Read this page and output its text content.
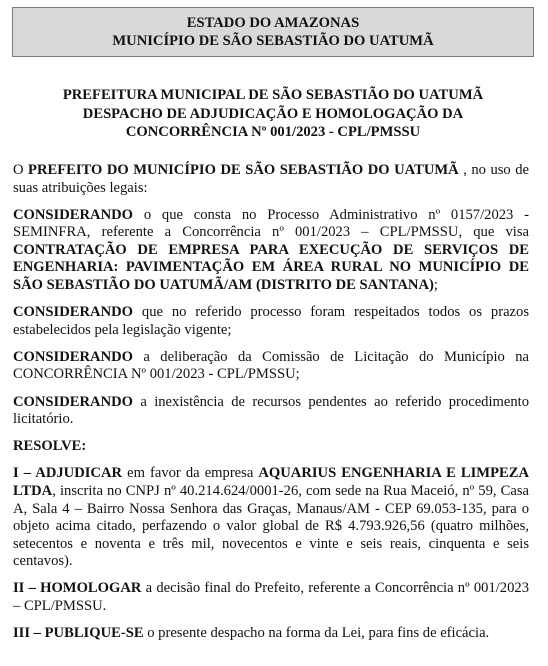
ESTADO DO AMAZONAS
MUNICÍPIO DE SÃO SEBASTIÃO DO UATUMÃ
PREFEITURA MUNICIPAL DE SÃO SEBASTIÃO DO UATUMÃ
DESPACHO DE ADJUDICAÇÃO E HOMOLOGAÇÃO DA
CONCORRÊNCIA Nº 001/2023 - CPL/PMSSU

O PREFEITO DO MUNICÍPIO DE SÃO SEBASTIÃO DO UATUMÃ , no uso de suas atribuições legais:

CONSIDERANDO o que consta no Processo Administrativo nº 0157/2023 - SEMINFRA, referente a Concorrência nº 001/2023 – CPL/PMSSU, que visa CONTRATAÇÃO DE EMPRESA PARA EXECUÇÃO DE SERVIÇOS DE ENGENHARIA: PAVIMENTAÇÃO EM ÁREA RURAL NO MUNICÍPIO DE SÃO SEBASTIÃO DO UATUMÃ/AM (DISTRITO DE SANTANA);

CONSIDERANDO que no referido processo foram respeitados todos os prazos estabelecidos pela legislação vigente;

CONSIDERANDO a deliberação da Comissão de Licitação do Município na CONCORRÊNCIA Nº 001/2023 - CPL/PMSSU;

CONSIDERANDO a inexistência de recursos pendentes ao referido procedimento licitatório.

RESOLVE:

I – ADJUDICAR em favor da empresa AQUARIUS ENGENHARIA E LIMPEZA LTDA, inscrita no CNPJ nº 40.214.624/0001-26, com sede na Rua Maceió, nº 59, Casa A, Sala 4 – Bairro Nossa Senhora das Graças, Manaus/AM - CEP 69.053-135, para o objeto acima citado, perfazendo o valor global de R$ 4.793.926,56 (quatro milhões, setecentos e noventa e três mil, novecentos e vinte e seis reais, cinquenta e seis centavos).

II – HOMOLOGAR a decisão final do Prefeito, referente a Concorrência nº 001/2023 – CPL/PMSSU.

III – PUBLIQUE-SE o presente despacho na forma da Lei, para fins de eficácia.
